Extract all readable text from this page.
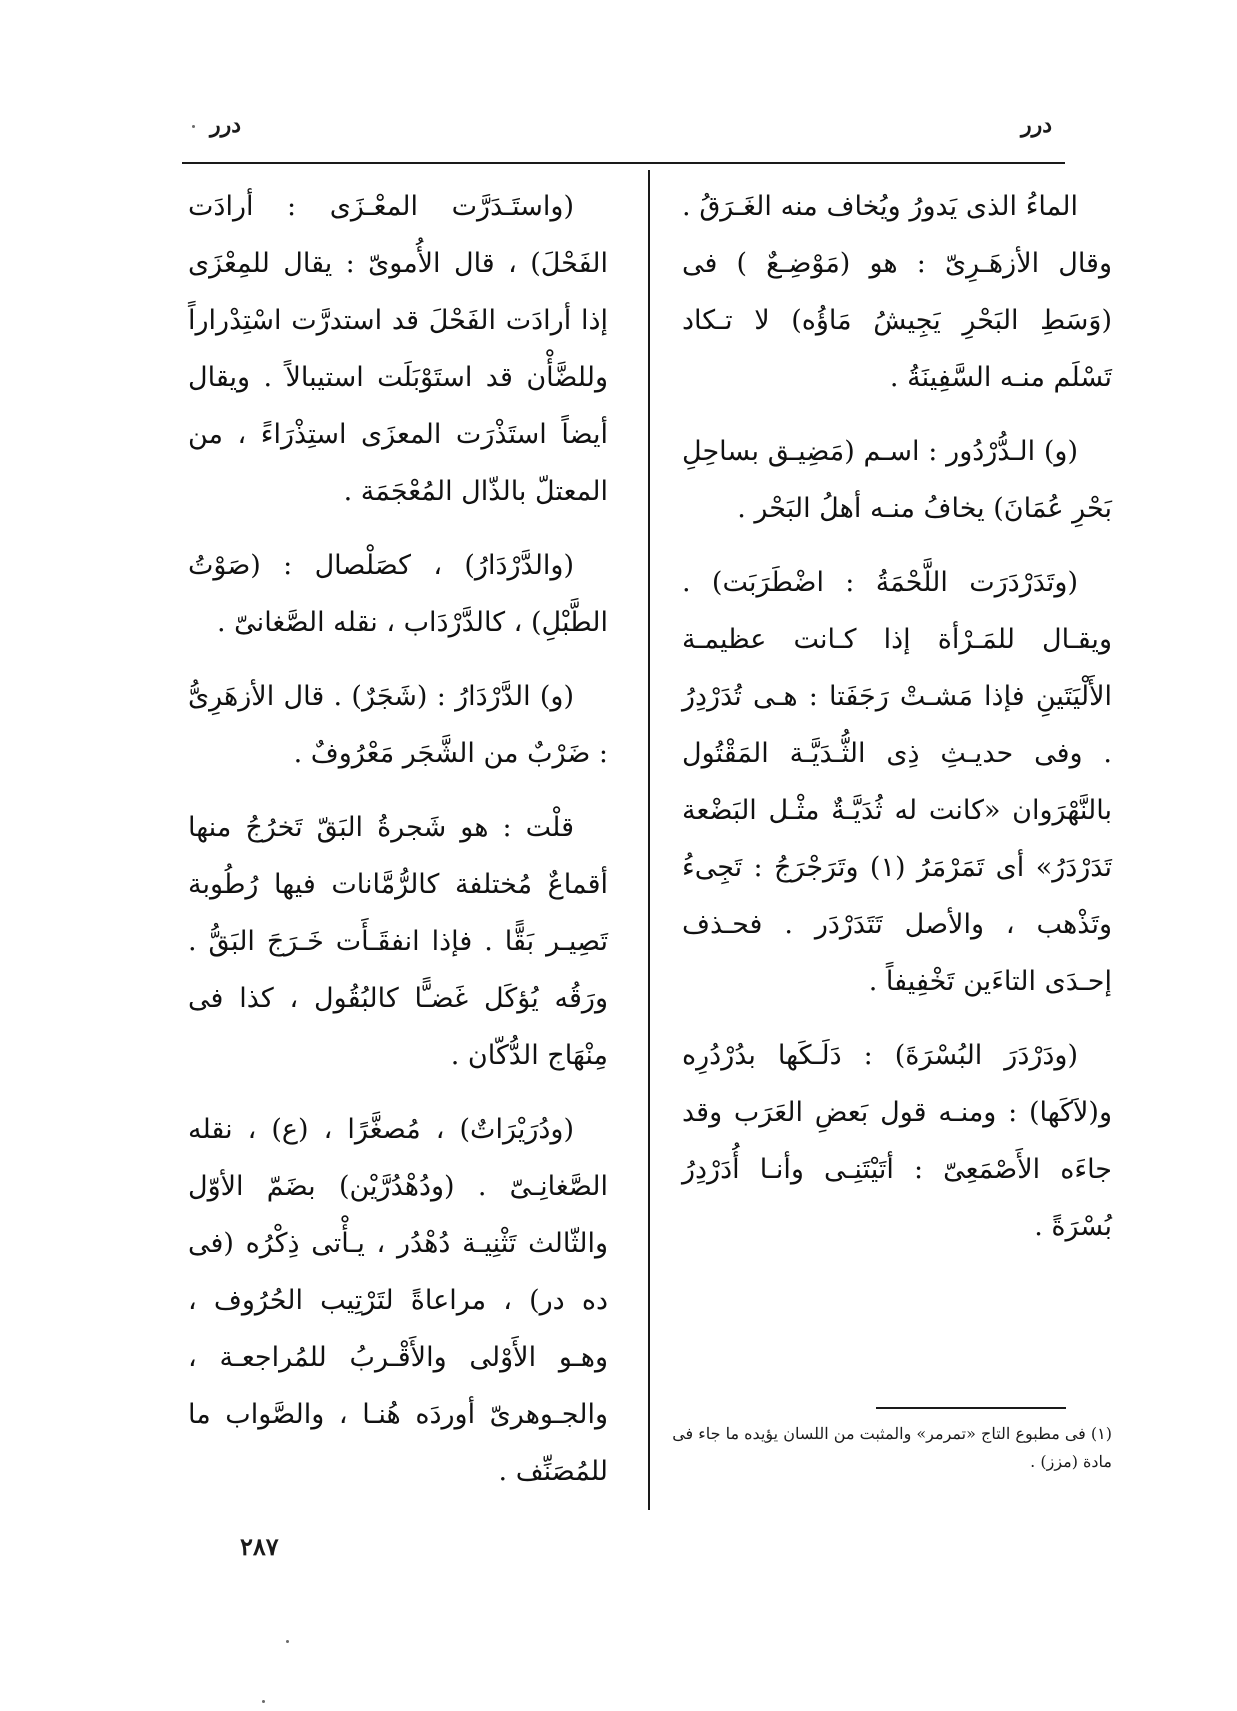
درر
درر

الماءُ الذى يَدورُ ويُخاف منه الغَـرَقُ . وقال الأزهَـرِىّ : هو (مَوْضِـعٌ ) فى (وَسَطِ البَحْرِ يَجِيشُ مَاؤُه) لا تـكاد تَسْلَم منـه السَّفِينَةُ .

(و) الـدُّرْدُور : اسـم (مَضِيـق بساحِلِ بَحْرِ عُمَانَ) يخافُ منـه أهلُ البَحْر .

(وتَدَرْدَرَت اللَّحْمَةُ : اضْطَرَبَت) . ويقـال للمَـرْأة إذا كـانت عظيمـة الأَلْيَتَينِ فإذا مَشـتْ رَجَفَتا : هـى تُدَرْدِرُ . وفى حديـثِ ذِى الثُّـدَيَّـة المَقْتُول بالنَّهْرَوان «كانت له ثُدَيَّـةٌ مثْـل البَضْعة تَدَرْدَرُ» أى تَمَرْمَرُ (١) وتَرَجْرَجُ : تَجِىءُ وتَذْهب ، والأصل تَتَدَرْدَر . فحـذف إحـدَى التاءَين تَخْفِيفاً .

(ودَرْدَرَ البُسْرَةَ) : دَلَـكَها بدُرْدُرِه و(لاَكَها) : ومنـه قول بَعضِ العَرَب وقد جاءَه الأَصْمَعِىّ : أتَيْتَنِـى وأنـا أُدَرْدِرُ بُسْرَةً .

(واستَـدَرَّت المعْـزَى : أرادَت الفَحْلَ) ، قال الأُموىّ : يقال للمِعْزَى إذا أرادَت الفَحْلَ قد استدرَّت اسْتِدْراراً وللضَّأْن قد استَوْبَلَت استيبالاً . ويقال أيضاً استَذْرَت المعزَى استِذْرَاءً ، من المعتلّ بالذّال المُعْجَمَة .

(والدَّرْدَارُ) ، كصَلْصال : (صَوْتُ الطَّبْلِ) ، كالدَّرْدَاب ، نقله الصَّغانىّ .

(و) الدَّرْدَارُ : (شَجَرٌ) . قال الأزهَرِىُّ : ضَرْبٌ من الشَّجَر مَعْرُوفٌ .

قلْت : هو شَجرةُ البَقّ تَخرُجُ منها أقماعٌ مُختلفة كالرُّمَّانات فيها رُطُوبة تَصِيـر بَقًّا . فإذا انفقَـأَت خَـرَجَ البَقُّ . ورَقُه يُؤكَل غَضـًّا كالبُقُول ، كذا فى مِنْهَاج الدُّكّان .

(ودُرَيْرَاتٌ) ، مُصغَّرًا ، (ع) ، نقله الصَّغانِـىّ . (ودُهْدُرَّيْن) بضَمّ الأوّل والثّالث تَثْنِيـة دُهْدُر ، يـأْتى ذِكْرُه (فى ده در) ، مراعاةً لتَرْتِيب الحُرُوف ، وهـو الأَوْلى والأَقْـربُ للمُراجعـة ، والجـوهرىّ أوردَه هُنـا ، والصَّواب ما للمُصَنِّف .

(١) فى مطبوع التاج «تمرمر» والمثبت من اللسان يؤيده ما جاء فى مادة (مزز) .
٢٨٧
